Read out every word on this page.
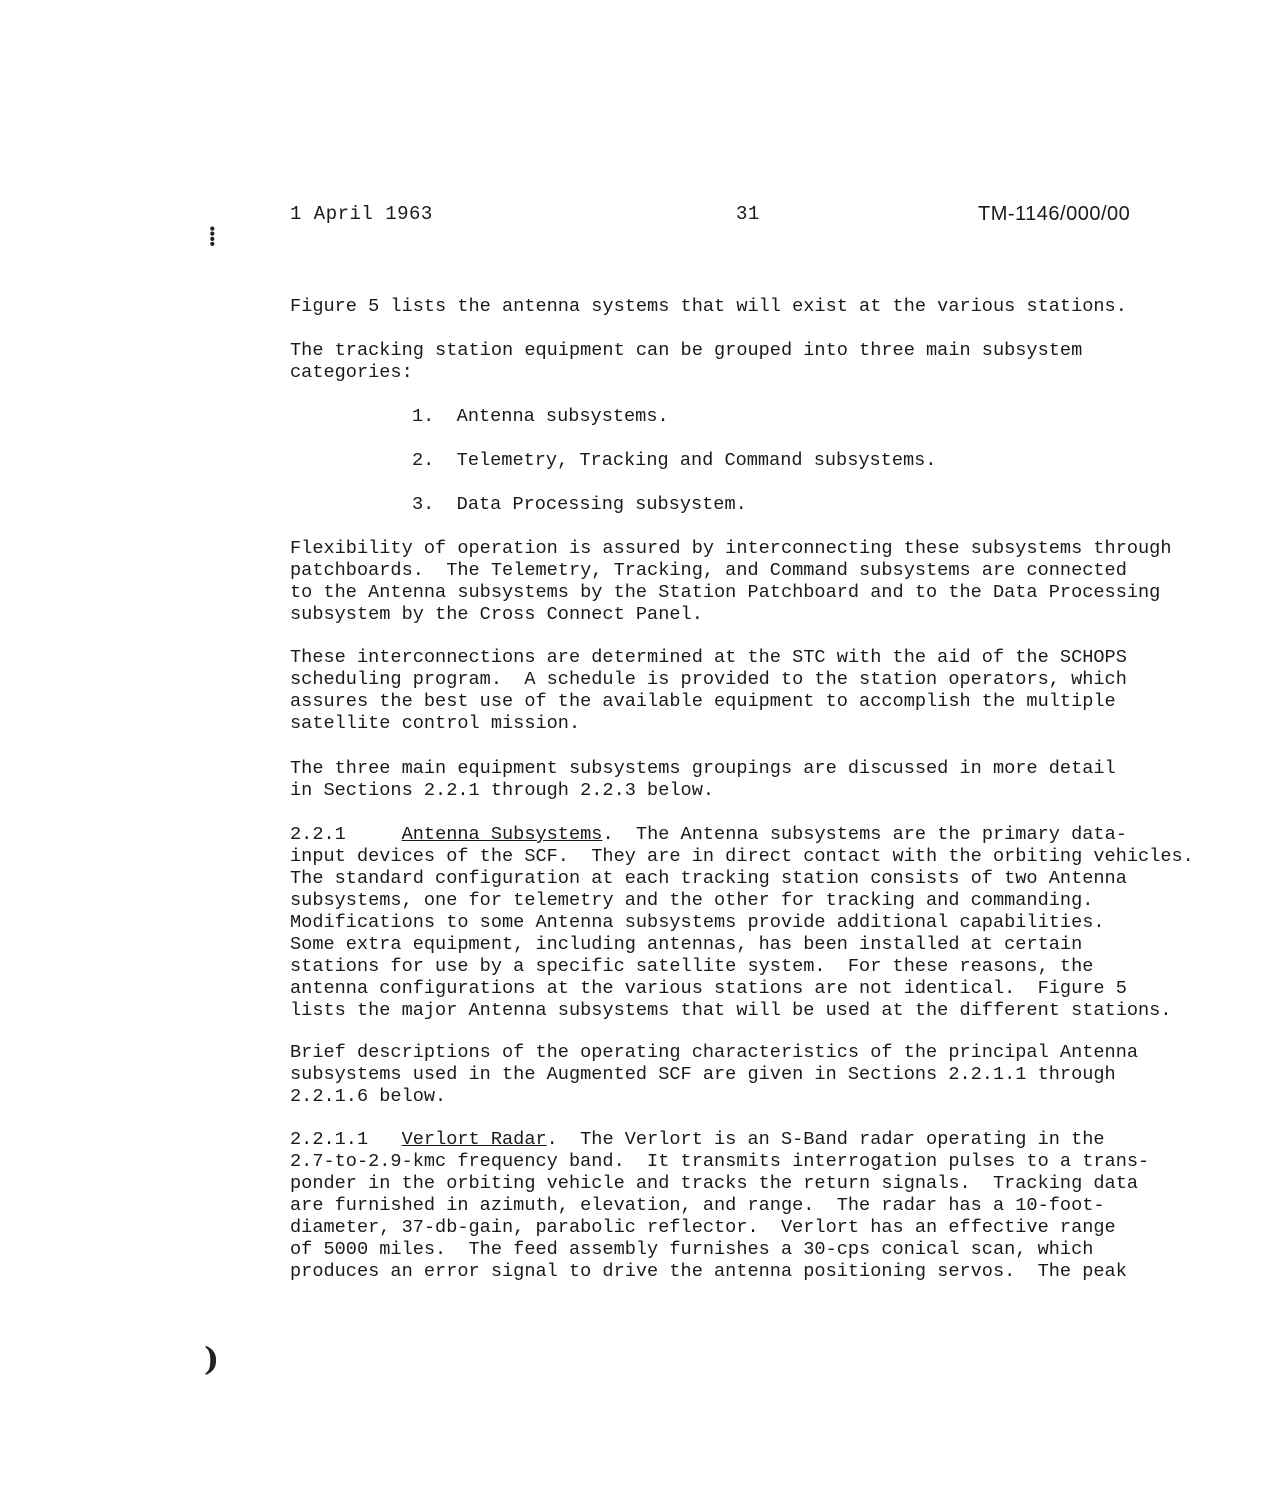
1 April 1963	31	TM-1146/000/00
⁞

Figure 5 lists the antenna systems that will exist at the various stations.

The tracking station equipment can be grouped into three main subsystem
categories:

1. Antenna subsystems.
2. Telemetry, Tracking and Command subsystems.
3. Data Processing subsystem.

Flexibility of operation is assured by interconnecting these subsystems through
patchboards.  The Telemetry, Tracking, and Command subsystems are connected
to the Antenna subsystems by the Station Patchboard and to the Data Processing
subsystem by the Cross Connect Panel.

These interconnections are determined at the STC with the aid of the SCHOPS
scheduling program.  A schedule is provided to the station operators, which
assures the best use of the available equipment to accomplish the multiple
satellite control mission.

The three main equipment subsystems groupings are discussed in more detail
in Sections 2.2.1 through 2.2.3 below.

2.2.1	Antenna Subsystems.  The Antenna subsystems are the primary data-
input devices of the SCF.  They are in direct contact with the orbiting vehicles.
The standard configuration at each tracking station consists of two Antenna
subsystems, one for telemetry and the other for tracking and commanding.
Modifications to some Antenna subsystems provide additional capabilities.
Some extra equipment, including antennas, has been installed at certain
stations for use by a specific satellite system.  For these reasons, the
antenna configurations at the various stations are not identical.  Figure 5
lists the major Antenna subsystems that will be used at the different stations.

Brief descriptions of the operating characteristics of the principal Antenna
subsystems used in the Augmented SCF are given in Sections 2.2.1.1 through
2.2.1.6 below.

2.2.1.1 Verlort Radar.  The Verlort is an S-Band radar operating in the
2.7-to-2.9-kmc frequency band.  It transmits interrogation pulses to a trans-
ponder in the orbiting vehicle and tracks the return signals.  Tracking data
are furnished in azimuth, elevation, and range.  The radar has a 10-foot-
diameter, 37-db-gain, parabolic reflector.  Verlort has an effective range
of 5000 miles.  The feed assembly furnishes a 30-cps conical scan, which
produces an error signal to drive the antenna positioning servos.  The peak

)
